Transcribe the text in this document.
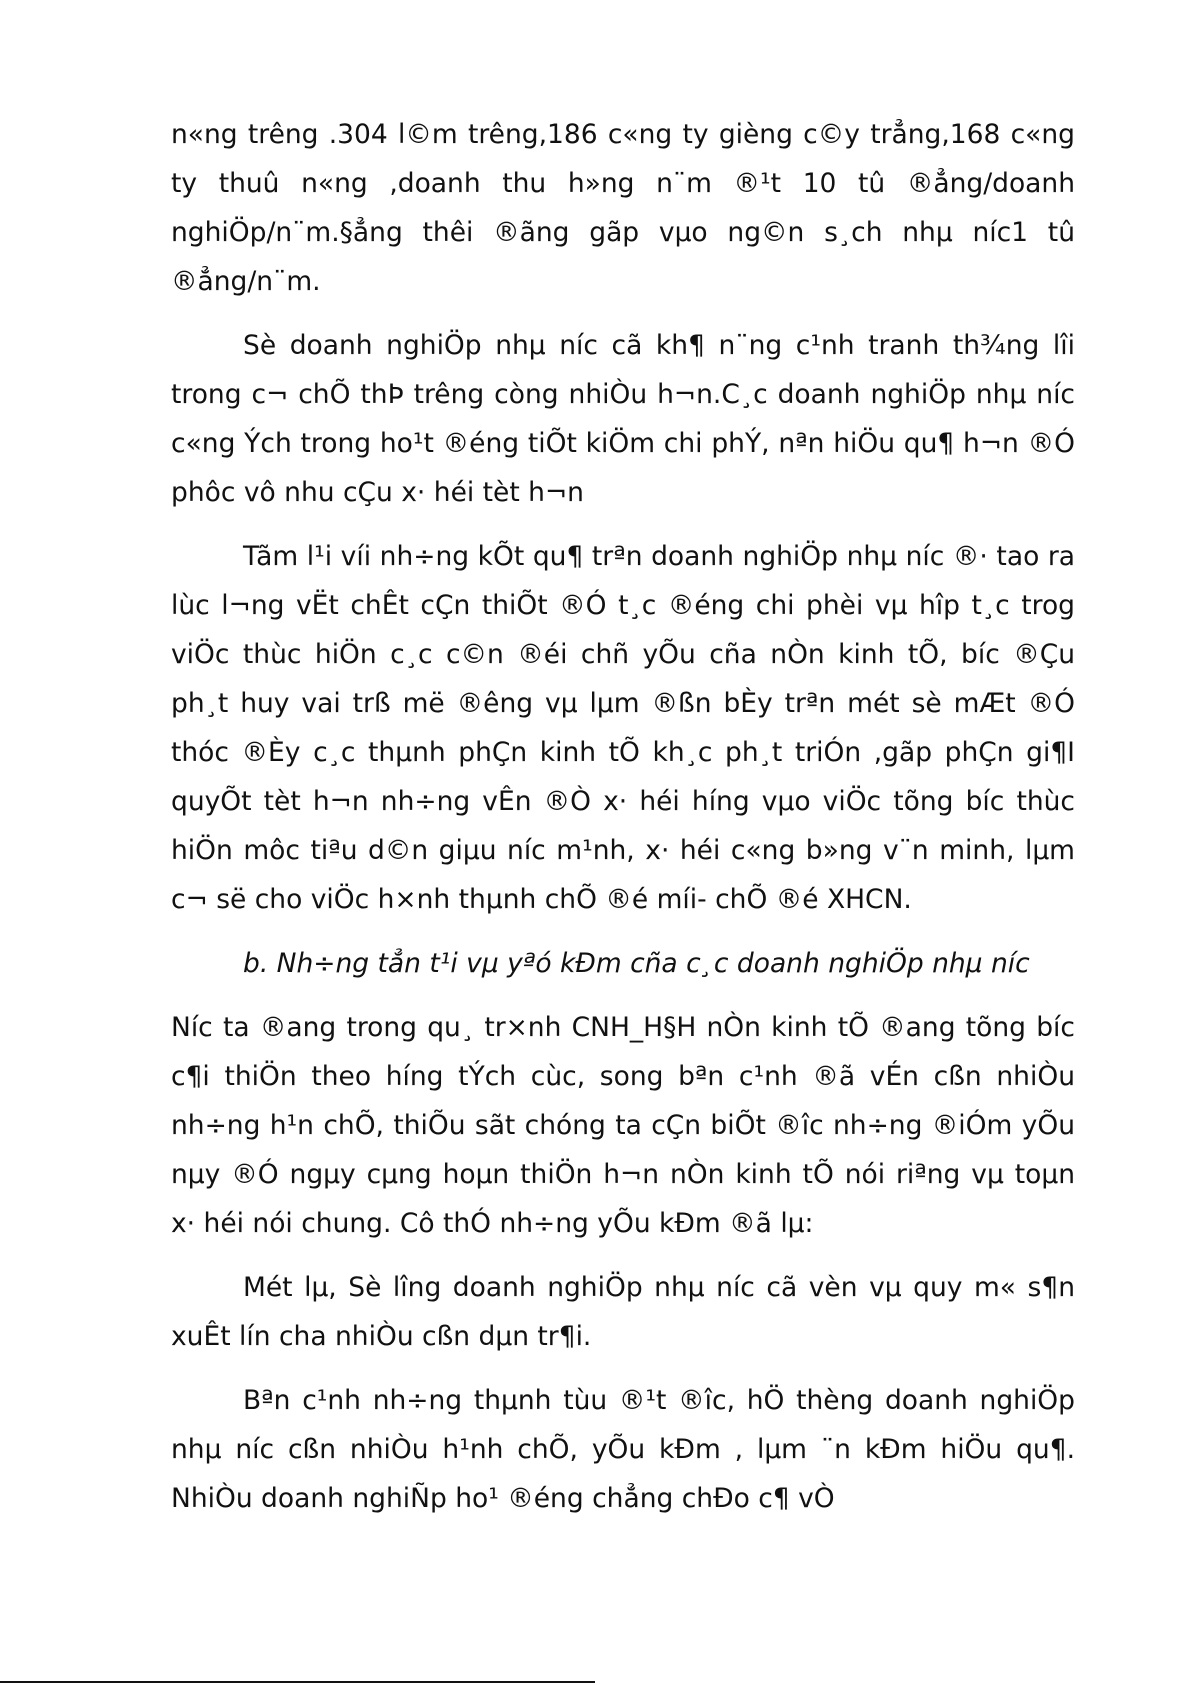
n«ng trêng .304 l©m trêng,186 c«ng ty gièng c©y trẳng,168 c«ng ty thuû n«ng ,doanh thu h»ng n¨m ®¹t 10 tû ®ẳng/doanh nghiÖp/n¨m.§ẳng thêi ®ãng gãp vµo ng©n s¸ch nhµ níc1 tû ®ẳng/n¨m.

Sè doanh nghiÖp nhµ níc cã kh¶ n¨ng c¹nh tranh th¾ng lîi trong c¬ chÕ thÞ trêng còng nhiÒu h¬n.C¸c doanh nghiÖp nhµ níc c«ng Ých trong ho¹t ®éng tiÕt kiÖm chi phÝ, nªn hiÖu qu¶ h¬n ®Ó phôc vô nhu cÇu x· héi tèt h¬n

Tãm l¹i víi nh÷ng kÕt qu¶ trªn doanh nghiÖp nhµ níc ®· tao ra lùc l¬ng vËt chÊt cÇn thiÕt ®Ó t¸c ®éng chi phèi vµ hîp t¸c trog viÖc thùc hiÖn c¸c c©n ®éi chñ yÕu cña nÒn kinh tÕ, bíc ®Çu ph¸t huy vai trß më ®êng vµ lµm ®ßn bÈy trªn mét sè mÆt ®Ó thóc ®Èy c¸c thµnh phÇn kinh tÕ kh¸c ph¸t triÓn ,gãp phÇn gi¶I quyÕt tèt h¬n nh÷ng vÊn ®Ò x· héi híng vµo viÖc tõng bíc thùc hiÖn môc tiªu d©n giµu níc m¹nh, x· héi c«ng b»ng v¨n minh, lµm c¬ së cho viÖc h×nh thµnh chÕ ®é míi- chÕ ®é XHCN.

b. Nh÷ng tẳn t¹i vµ yªó kÐm cña c¸c doanh nghiÖp nhµ níc

Níc ta ®ang trong qu¸ tr×nh CNH_H§H nÒn kinh tÕ ®ang tõng bíc c¶i thiÖn theo híng tÝch cùc, song bªn c¹nh ®ã vÉn cßn nhiÒu nh÷ng h¹n chÕ, thiÕu sãt chóng ta cÇn biÕt ®îc nh÷ng ®iÓm yÕu nµy ®Ó ngµy cµng hoµn thiÖn h¬n nÒn kinh tÕ nói riªng vµ toµn x· héi nói chung. Cô thÓ nh÷ng yÕu kÐm ®ã lµ:

Mét lµ, Sè lîng doanh nghiÖp nhµ níc cã vèn vµ quy m« s¶n xuÊt lín cha nhiÒu cßn dµn tr¶i.

Bªn c¹nh nh÷ng thµnh tùu ®¹t ®îc, hÖ thèng doanh nghiÖp nhµ níc cßn nhiÒu h¹nh chÕ, yÕu kÐm , lµm ¨n kÐm hiÖu qu¶. NhiÒu doanh nghiÑp ho¹ ®éng chẳng chÐo c¶ vÒ
